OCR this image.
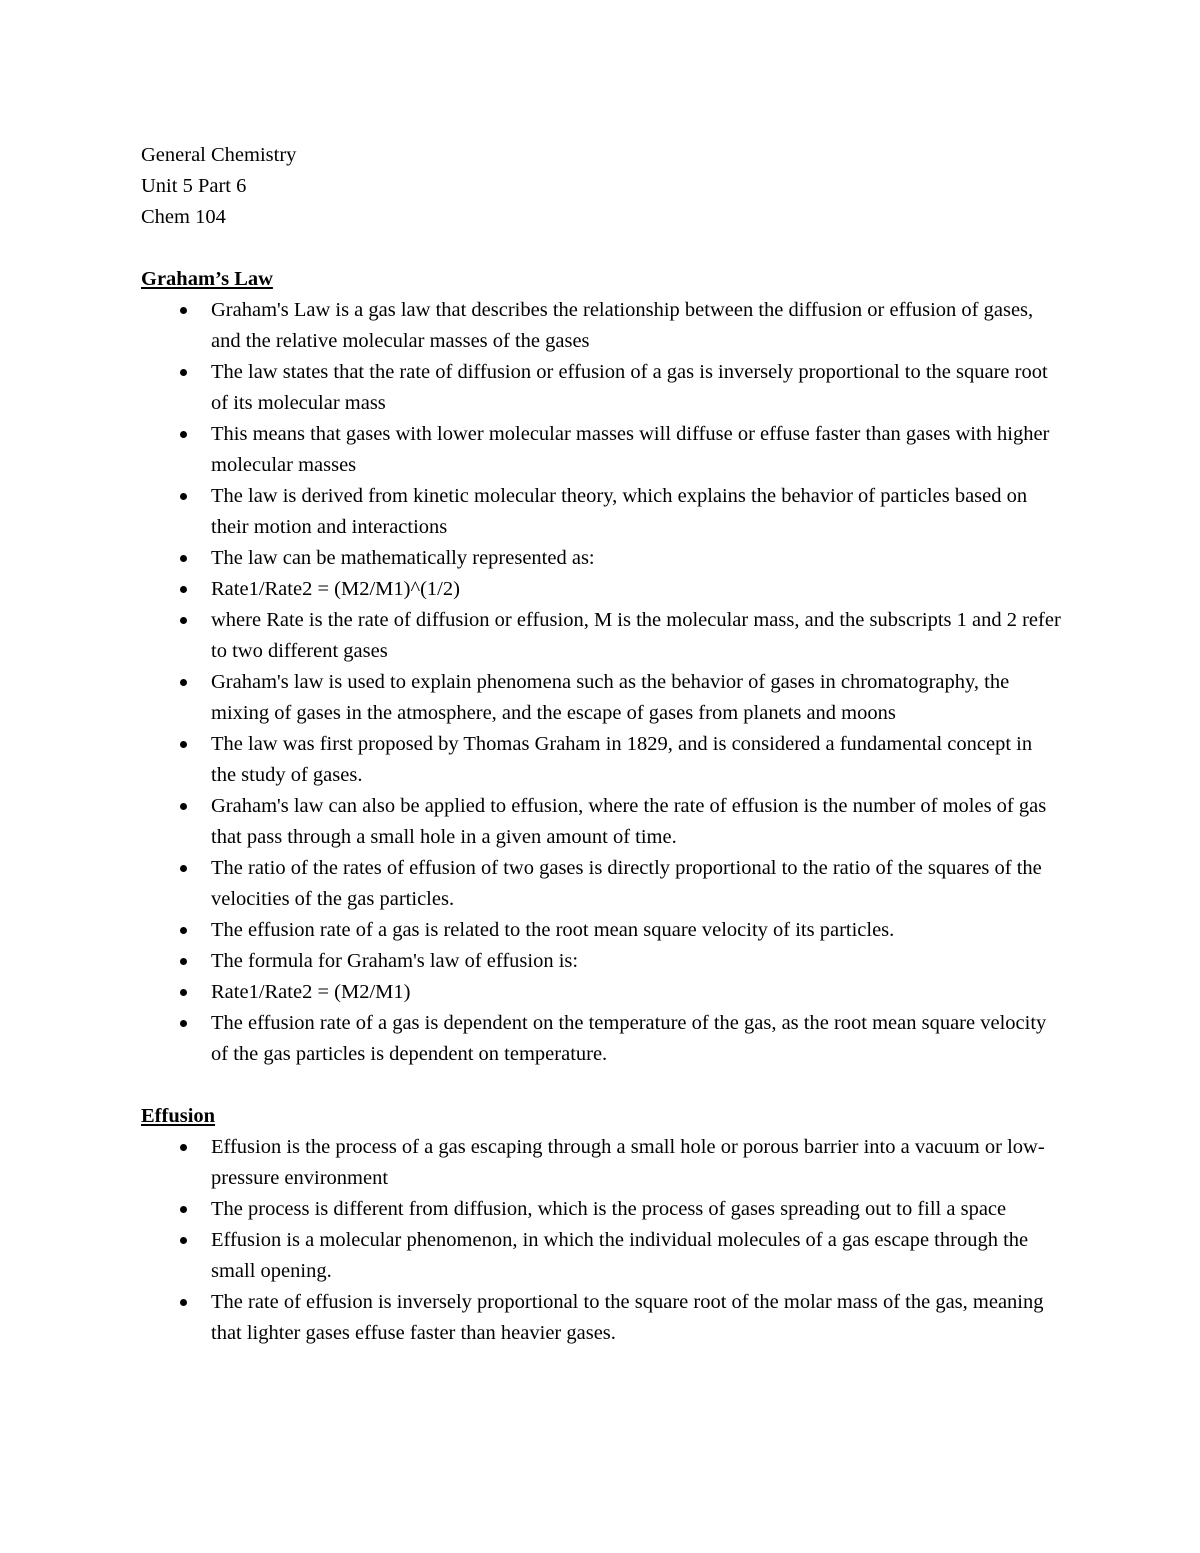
General Chemistry
Unit 5 Part 6
Chem 104
Graham’s Law
Graham's Law is a gas law that describes the relationship between the diffusion or effusion of gases, and the relative molecular masses of the gases
The law states that the rate of diffusion or effusion of a gas is inversely proportional to the square root of its molecular mass
This means that gases with lower molecular masses will diffuse or effuse faster than gases with higher molecular masses
The law is derived from kinetic molecular theory, which explains the behavior of particles based on their motion and interactions
The law can be mathematically represented as:
Rate1/Rate2 = (M2/M1)^(1/2)
where Rate is the rate of diffusion or effusion, M is the molecular mass, and the subscripts 1 and 2 refer to two different gases
Graham's law is used to explain phenomena such as the behavior of gases in chromatography, the mixing of gases in the atmosphere, and the escape of gases from planets and moons
The law was first proposed by Thomas Graham in 1829, and is considered a fundamental concept in the study of gases.
Graham's law can also be applied to effusion, where the rate of effusion is the number of moles of gas that pass through a small hole in a given amount of time.
The ratio of the rates of effusion of two gases is directly proportional to the ratio of the squares of the velocities of the gas particles.
The effusion rate of a gas is related to the root mean square velocity of its particles.
The formula for Graham's law of effusion is:
Rate1/Rate2 = (M2/M1)
The effusion rate of a gas is dependent on the temperature of the gas, as the root mean square velocity of the gas particles is dependent on temperature.
Effusion
Effusion is the process of a gas escaping through a small hole or porous barrier into a vacuum or low-pressure environment
The process is different from diffusion, which is the process of gases spreading out to fill a space
Effusion is a molecular phenomenon, in which the individual molecules of a gas escape through the small opening.
The rate of effusion is inversely proportional to the square root of the molar mass of the gas, meaning that lighter gases effuse faster than heavier gases.
